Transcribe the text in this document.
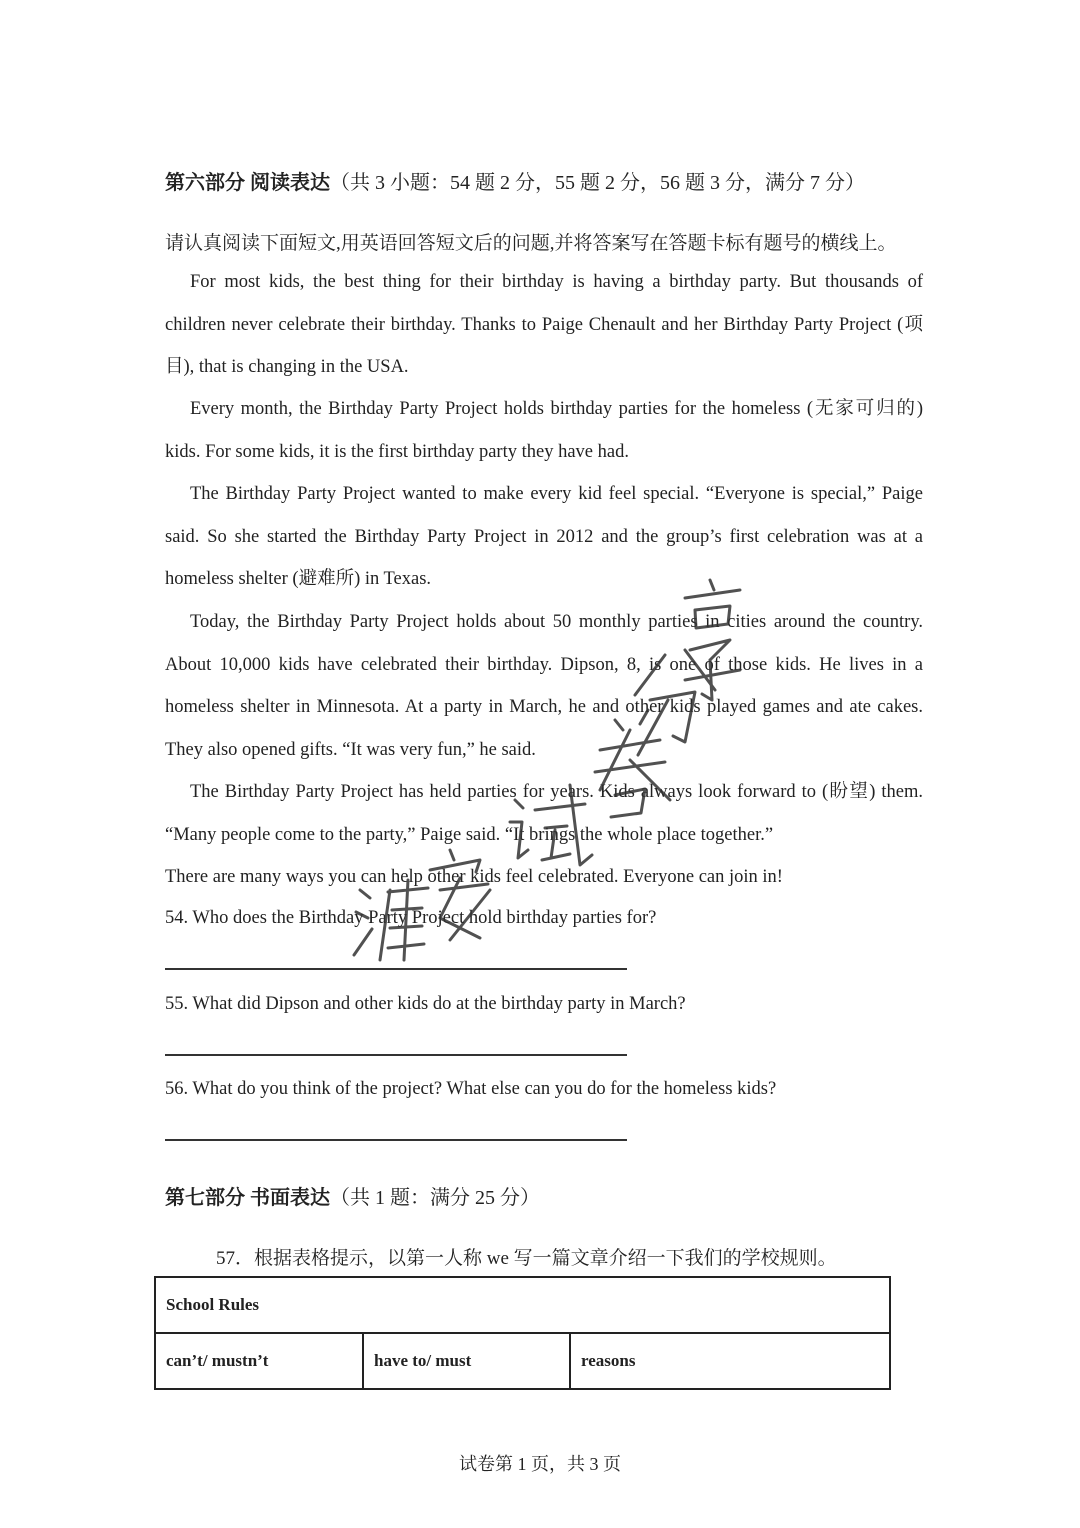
第六部分 阅读表达（共 3 小题：54 题 2 分，55 题 2 分，56 题 3 分，满分 7 分）
请认真阅读下面短文,用英语回答短文后的问题,并将答案写在答题卡标有题号的横线上。
For most kids, the best thing for their birthday is having a birthday party. But thousands of children never celebrate their birthday. Thanks to Paige Chenault and her Birthday Party Project (项目), that is changing in the USA.
Every month, the Birthday Party Project holds birthday parties for the homeless (无家可归的) kids. For some kids, it is the first birthday party they have had.
The Birthday Party Project wanted to make every kid feel special. “Everyone is special,” Paige said. So she started the Birthday Party Project in 2012 and the group’s first celebration was at a homeless shelter (避难所) in Texas.
Today, the Birthday Party Project holds about 50 monthly parties in cities around the country. About 10,000 kids have celebrated their birthday. Dipson, 8, is one of those kids. He lives in a homeless shelter in Minnesota. At a party in March, he and other kids played games and ate cakes. They also opened gifts. “It was very fun,” he said.
The Birthday Party Project has held parties for years. Kids always look forward to (盼望) them. “Many people come to the party,” Paige said. “It brings the whole place together.”
There are many ways you can help other kids feel celebrated. Everyone can join in!
54. Who does the Birthday Party Project hold birthday parties for?
55. What did Dipson and other kids do at the birthday party in March?
56. What do you think of the project? What else can you do for the homeless kids?
第七部分 书面表达（共 1 题：满分 25 分）
57．根据表格提示，以第一人称 we 写一篇文章介绍一下我们的学校规则。
School Rules
can’t/ mustn’t	have to/ must	reasons
试卷第 1 页，共 3 页
